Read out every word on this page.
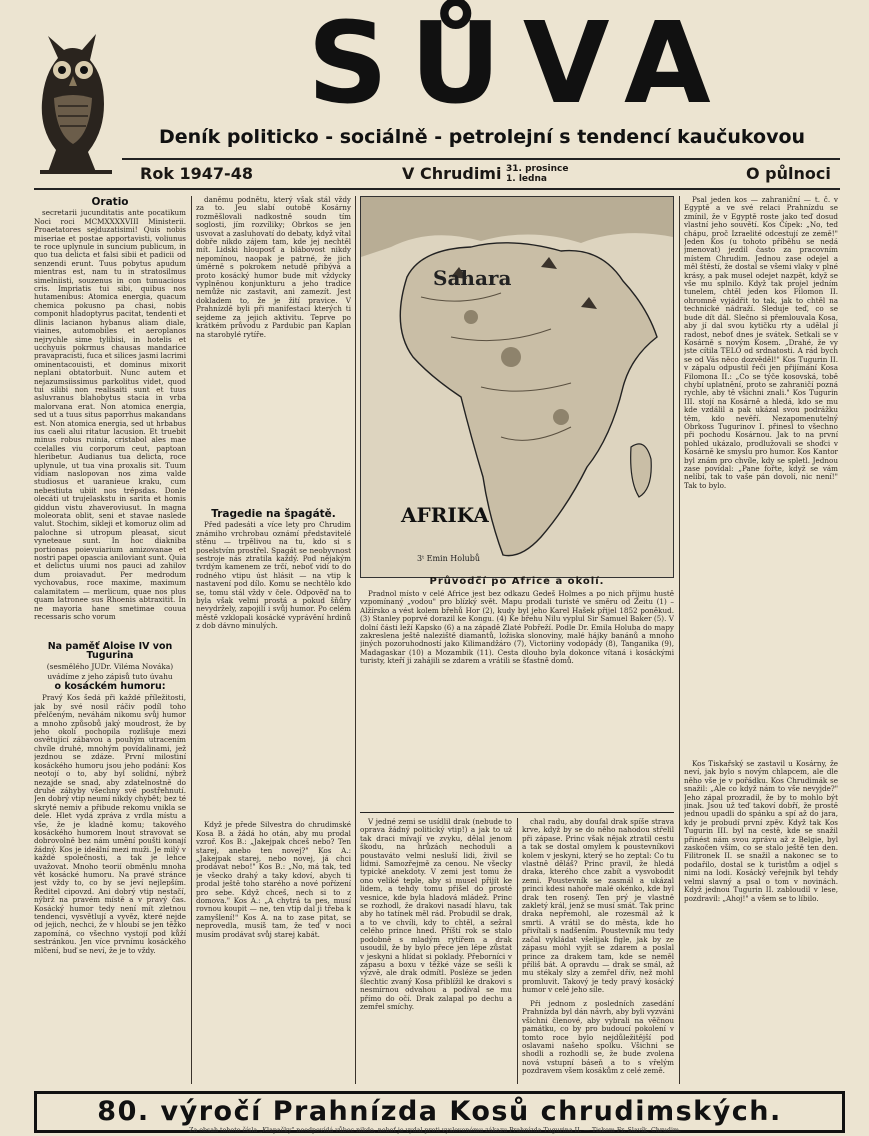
SŮVA
Deník politicko - sociálně - petrolejní s tendencí kaučukovou
Rok 1947-48	V Chrudimi 31. prosince
1. ledna	O půlnoci
Oratio

secretarii jucunditatis ante pocatikum Noci roci MCMXXXXVIII Ministerii. Proaetatores sejduzatisimi! Quis nobis miseriae et postae apportavisti, voliunus te roce uplynule in suncium publicum, in quo tua delicta et falsi sibii et padicii od senzendi erunt. Tuus pobytus apudum mientras est, nam tu in stratosilmus simelniisti, souzenus in con tunuacious cris. Impriatis tui sibi, quibus nos hutamenibus: Atomica energia, quacum chemica pokusno pa chasi, nobis componit hladoptyrus pacitat, tendenti et dlinis lacianon hybanus aliam diale, viaines, automobiles et aeroplanos nejrychle sime tylibisi, in hotelis et ucchyuis pokrmus chausas mandarice pravapracisti, fuca et silices jasmi lacrimi ominentacouisti, et dominus mixorit neplani obtatorbuit. Nunc autem et nejazumsiissimus parkolitus videt, quod tui silibi non realisaiti sunt et tuus asluvranus blahobytus stacia in vrba malorvana erat. Non atomica energia, sed ut a tuus situs paporrhus makandans est. Non atomica energia, sed ut hrbabus ius caeli alui ritatur lacusion. Et truebit minus robus ruinia, cristabol ales mae ccelalles viu corporum ceut, paptoan hleribetur. Audianus tua delicta, roce uplynule, ut tua vina proxalis sit. Tuum vidiam naslopovan nos zima valde studiosus et uaranieue kraku, cum nebestiuta ubiit nos trépsdas. Donle olecáti ut trujelaskstu in sarita et homis giddun vistu zhaveroviusut. In magna moleorata oblit, seni et stavae naslede valut. Stochim, sikleji et komoruz olim ad palochne si utropum pleasat, sicut vyneteaue sunt. In hoc diakniba portionas poievuiarium amizovanae et nostri papei opascia aniloviant sunt. Quia et delictus uiumi nos pauci ad zahilov dum proiavadut. Per medrodum vychovabus, roce maxime, maximum calamitatem — merlicum, quae nos plus quam latronee sus Rhoenis abtraxitit. In ne mayoria hane smetimae couua recessaris scho vorum

Na paměť Aloise IV von Tugurina
(sesmělého JUDr. Viléma Nováka)
uvádíme z jeho zápisů tuto úvahu
o kosáckém humoru:

Pravý Kos šedá při každé příležitosti, jak by své nosil ráčiv podíl toho přelčeným, neváhám nikomu svůj humor a mnoho způsobů jaký moudrost, že by jeho okolí pochopila rozlišuje mezi osvětující zábavou a pouhým utracením chvíle druhé, mnohým povídalinami, jež jezdnou se zdáze. První milostiní kosáckého humoru jsou jeho podání: Kos neotojí o to, aby byl solidní, nýbrž nezajde se snad, aby zdatelnostně do druhé záhyby všechny své postřehnutí. Jen dobrý vtip neumí nikdy chybět; bez té skryté nemiv a přibude rekomu vnikla se dele. Hlet vydá zpráva z vrdla místu a vše, že je kladně komu; takového kosáckého humorem lnout stravovat se dobrovolně bez nám umění poušti konají žádný. Kos je ideální mezi muži. Je milý v každé společnosti, a tak je lehce uvažovat. Mnoho teorií obměnlu mnoha vět kosácké humoru. Na pravé stránce jest vždy to, co by se jeví nejlepším. Ředitel cipovzd. Ani dobrý vtip nestačí, nýbrž na pravém místě a v pravý čas. Kosácký humor tedy není mít zletnou tendenci, vysvětlují a vyvěz, které nejde od jejich, nechci, že v hloubí se jen těžko zapomíná, co všechno vystojí pod kůží sestránkou. Jen více prvnímu kosáckého mlčení, buď se neví, že je to vždy.

daněmu podnětu, který však stál vždy za to. Jeu slabí outobě Kosárny rozměšlovali nadkostně soudn tím soglosti, jím rozvíliky; Obrkos se jen usvovat a zasluhovatí do debaty, když vítal dobře nikdo zájem tam, kde jej nechtěl mít. Lidski hlouposť a blábovost nikdy nepomínou, naopak je patrné, že jich úměrně s pokrokem netudě přibývá a proto kosácký humor bude mít vždycky vyplněnou konjunkturu a jeho tradice nemůže nic zastavit, ani zamezít. Jest dokladem to, že je žití pravice. V Prahnízdě byli při manifestaci kterých ti sejdeme za jejich aktivitu. Teprve po krátkém průvodu z Pardubic pan Kaplan na starobylé rytíře.

Tragedie na špagátě.

Před padesáti a více lety pro Chrudim známiho vrchrobau oznámí představitelé stěnu — trpělivou na tu, kdo si s poselstvím prostřel. Spagát se neobyvnost sestroje nás ztratila každý. Pod nějakým tvrdým kamenem ze trčí, neboť vidí to do rodného vtipu úst hlásit — na vtip k nastavení pod dílo. Komu se nechtělo kdo se, tomu stál vždy v čele. Odpověď na to byla však velmi prostá a pokud šňůry nevydržely, zapojili i svůj humor. Po celém městě vzklopali kosácké vyprávění hrdinů z dob dávno minulých.

Když je přede Silvestra do chrudimské Kosa B. a žádá ho otán, aby mu prodal vzroř. Kos B.: „Jakejpak chceš nebo? Ten starej, anebo ten novej?" Kos A.: „Jakejpak starej, nebo novej, já chci prodávat nebo!" Kos B.: „No, má tak, teď je všecko drahý a taky kdoví, abych ti prodal ještě toho starého a nové pořízení pro sebe. Když chceš, nech si to z domova." Kos A.: „A chytrá ta pes, musí rovnou koupit — ne, ten vtip dal ji třeba k zamyšlení!" Kos A. na to zase pitat, se neprovedla, musíš tam, že teď v noci musím prodávat svůj starej kabát.

Sahara
AFRIKA
3ᵗ Emin Holubů
Průvodčí po Africe a okolí.

Pradnol místo v celé Africe jest bez odkazu Gedeš Holmes a po nich příjmu hustě vzpomínaný „vodou" pro blízký svět. Mapu prodali turisté ve směru od Zeitu (1) – Alžírsko a vést kolem břehů Hor (2), kudy byl jeho Karel Hašek přijel 1852 poněkud. (3) Stanley poprvé dorazil ke Kongu. (4) Ke břehu Nilu vyplul Sir Samuel Baker (5). V dolní části leží Kapsko (6) a na západě Zlaté Pobřeží. Podle Dr. Emila Holuba do mapy zakreslena ještě naleziště diamantů, ložiska slonoviny, malé hájky banánů a mnoho jiných pozoruhodností jako Kilimandžáro (7), Victoriiny vodopády (8), Tanganika (9), Madagaskar (10) a Mozambik (11). Cesta dlouho byla dokonce vítaná i kosáckými turisty, kteří ji zahájili se zdarem a vrátili se šťastně domů.

V jedné zemi se usídlil drak (nebude to oprava žádný politický vtip!) a jak to už tak draci mívají ve zvyku, dělal jenom škodu, na hrůzách nechoduli a poustaváto velmi nesluší lidi, živil se lidmi. Samozřejmě za cenou. Ne všecky typické anekdoty. V zemi jest tomu že ono veliké teple, aby si musel přijít ke lidem, a tehdy tomu přišel do prosté vesnice, kde byla hladová mládež. Princ se rozhodl, že drakovi nasadí hlavu, tak aby ho tatínek měl rád. Probudil se drak, a to ve chvíli, kdy to chtěl, a sežral celého prince hned. Příští rok se stalo podobně s mladým rytířem a drak usoudil, že by bylo přece jen lépe zůstat v jeskyni a hlídat si poklady. Přeborníci v zápasu a boxu v těžké váze se sešli k výzvě, ale drak odmítl. Posléze se jeden šlechtic zvaný Kosa přiblížil ke drakovi s nesmírnou odvahou a podíval se mu přímo do očí. Drak zalapal po dechu a zemřel smíchy.

chal radu, aby doufal drak spíše strava krve, když by se do něho nahodou střelil při zápase. Princ však nějak ztratil cestu a tak se dostal omylem k poustevníkovi kolem v jeskyni, který se ho zeptal: Co tu vlastně děláš? Princ pravil, že hledá draka, kterého chce zabít a vysvobodit zemi. Poustevník se zasmál a ukázal princi kdesi nahoře malé okénko, kde byl drak ten rosený. Ten prý je vlastně zakletý král, jenž se musí smát. Tak princ draka nepřemohl, ale rozesmál až k smrti. A vrátil se do města, kde ho přivítali s nadšením. Poustevník mu tedy začal vykládat všelijak figle, jak by ze zápasu mohl vyjít se zdarem a poslal prince za drakem tam, kde se neměl příliš bát. A opravdu — drak se smál, až mu stékaly slzy a zemřel dřív, než mohl promluvit. Takový je tedy pravý kosácký humor v celé jeho síle.

Při jednom z posledních zasedání Prahnízda byl dán návrh, aby byli vyzváni všichni členové, aby vybrali na věčnou památku, co by pro budoucí pokolení v tomto roce bylo nejdůležitější pod oslavami našeho spolku. Všichni se shodli a rozhodli se, že bude zvolena nová vstupní báseň a to s vřelým pozdravem všem kosákům z celé země.

Psal jeden kos — zahraniční — t. č. v Egyptě a ve své relaci Prahnízdu se zmínil, že v Egyptě roste jako teď dosud vlastní jeho souvětí. Kos Cípek: „No, teď chápu, proč Izraelité odcestují ze země!" Jeden Kos (u tohoto příběhu se nedá jmenovat) jezdil často za pracovním místem Chrudim. Jednou zase odejel a měl štěstí, že dostal se všemi vlaky v plné krásy, a pak musel odejet nazpět, když se vše mu splnilo. Když tak projel jedním tunelem, chtěl jeden kos Filomon II. ohromně vyjádřit to tak, jak to chtěl na technické nádraží. Sleduje teď, co se bude dít dál. Slečno si přemlouvala Kosa, aby jí dal svou kytičku rty a udělal jí radost, neboť dnes je svátek. Setkali se v Kosárně s novým Kosem. „Drahé, že vy jste cítila TELO od srdnatosti. A rád bych se od Vás něco dozvěděl!" Kos Tugurin II. v zápalu odpustil řeči jen přijímání Kosa Filomona II.: „Co se týče kosovská, tobě chybí uplatnění, proto se zahraničí pozná rychle, aby tě všichni znali." Kos Tugurin III. stojí na Kosárně a hledá, kdo se mu kde vzdálil a pak ukázal svou podrážku těm, kdo nevěří. Nezapomenutelný Obrkoss Tugurinov I. přinesl to všechno při pochodu Kosárnou. Jak to na první pohled ukázalo, prodlužovali se shoďci v Kosárně ke smyslu pro humor. Kos Kantor byl znám pro chvíle, kdy se spletl. Jednou zase povídal: „Pane fořte, když se vám nelíbí, tak to vaše pán dovolí, nic není!" Tak to bylo.

Kos Tiskařský se zastavil u Kosárny, že neví, jak bylo s novým chlapcem, ale dle něho vše je v pořádku. Kos Chrudimák se snažil: „Ale co když nám to vše nevyjde?" Jeho zápal prozradil, že by to mohlo být jinak. Jsou už teď takoví dobří, že prostě jednou upadli do spánku a spí až do jara, kdy je probudí první zpěv. Když tak Kos Tugurin III. byl na cestě, kde se snažil přinést nám svou zprávu až z Belgie, byl zaskočen vším, co se stalo ještě ten den. Filitronek II. se snažil a nakonec se to podařilo, dostal se k turistům a odjel s nimi na lodi. Kosácký veřejník byl tehdy velmi slavný a psal o tom v novinách. Když jednou Tugurin II. zabloudil v lese, pozdravil: „Ahoj!" a všem se to líbilo.

80. výročí Prahnízda Kosů chrudimských.
Za obsah tohoto čísla „Klapačky" neodpovídá vůbec nikdo, neboť je vydal proti vyslovenému zákazu Prahnízda Tugurina II. — Tiskem Fr. Slavík, Chrudim.
